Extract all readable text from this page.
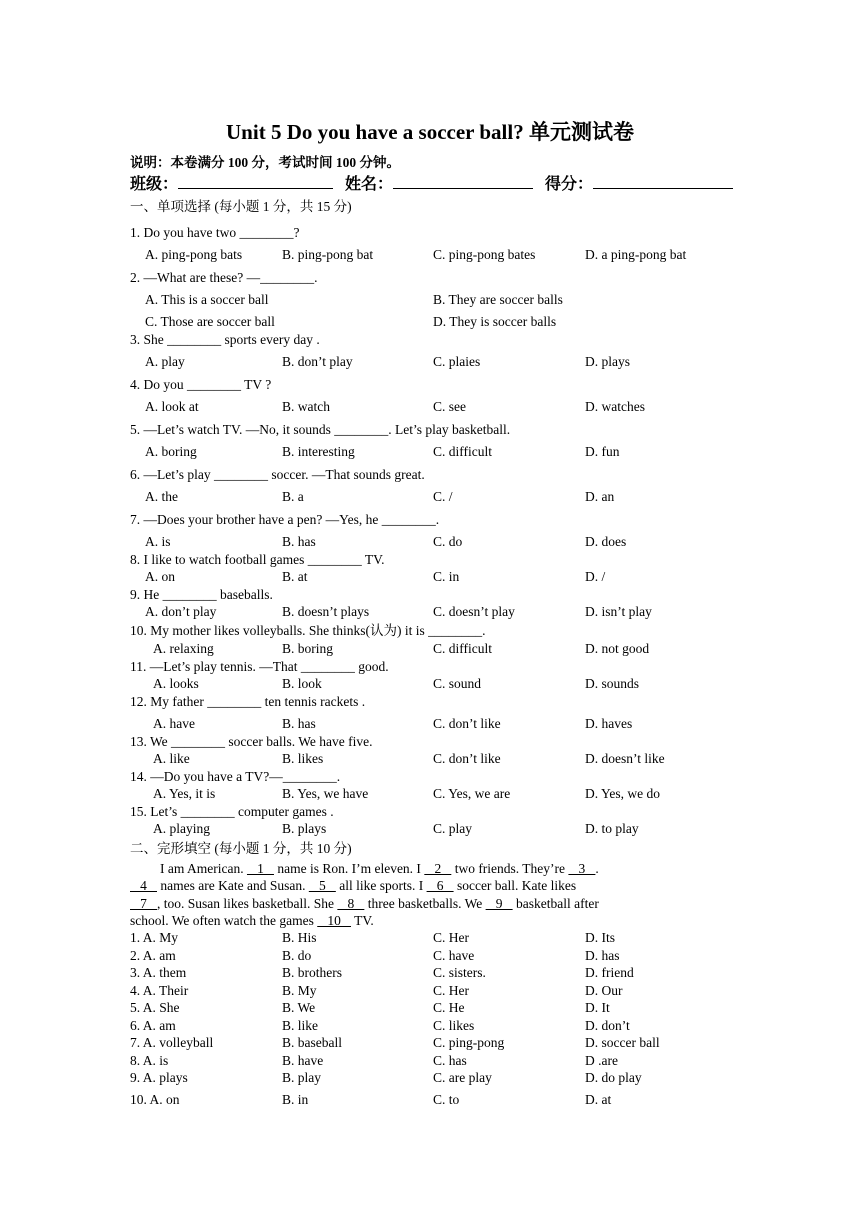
Unit 5 Do you have a soccer ball? 单元测试卷
说明：本卷满分 100 分，考试时间 100 分钟。
班级：	姓名：	得分：
一、单项选择 (每小题 1 分，共 15 分)
1. Do you have two ________?
A. ping-pong bats	B. ping-pong bat	C. ping-pong bates	D. a ping-pong bat
2. —What are these? —________.
A. This is a soccer ball	B. They are soccer balls
C. Those are soccer ball	D. They is soccer balls
3. She ________ sports every day .
A. play	B. don’t play	C. plaies	D. plays
4. Do you ________ TV ?
A. look at	B. watch	C. see	D. watches
5. —Let’s watch TV. —No, it sounds ________. Let’s play basketball.
A. boring	B. interesting	C. difficult	D. fun
6. —Let’s play ________ soccer. —That sounds great.
A. the	B. a	C. /	D. an
7. —Does your brother have a pen? —Yes, he ________.
A. is	B. has	C. do	D. does
8. I like to watch football games ________ TV.
A. on	B. at	C. in	D. /
9. He ________ baseballs.
A. don’t play	B. doesn’t plays	C. doesn’t play	D. isn’t play
10. My mother likes volleyballs. She thinks(认为) it is ________.
A. relaxing	B. boring	C. difficult	D. not good
11. —Let’s play tennis. —That ________ good.
A. looks	B. look	C. sound	D. sounds
12. My father ________ ten tennis rackets .
A. have	B. has	C. don’t like	D. haves
13. We ________ soccer balls. We have five.
A. like	B. likes	C. don’t like	D. doesn’t like
14. —Do you have a TV?—________.
A. Yes, it is	B. Yes, we have	C. Yes, we are	D. Yes, we do
15. Let’s ________ computer games .
A. playing	B. plays	C. play	D. to play
二、完形填空 (每小题 1 分，共 10 分)
I am American.    1    name is Ron. I’m eleven. I    2    two friends. They’re    3   .
4    names are Kate and Susan.    5    all like sports. I    6    soccer ball. Kate likes
7   , too. Susan likes basketball. She    8    three basketballs. We    9    basketball after
school. We often watch the games    10    TV.
1. A. My	B. His	C. Her	D. Its
2. A. am	B. do	C. have	D. has
3. A. them	B. brothers	C. sisters.	D. friend
4. A. Their	B. My	C. Her	D. Our
5. A. She	B. We	C. He	D. It
6. A. am	B. like	C. likes	D. don’t
7. A. volleyball	B. baseball	C. ping-pong	D. soccer ball
8. A. is	B. have	C. has	D .are
9. A. plays	B. play	C. are play	D. do play
10. A. on	B. in	C. to	D. at
